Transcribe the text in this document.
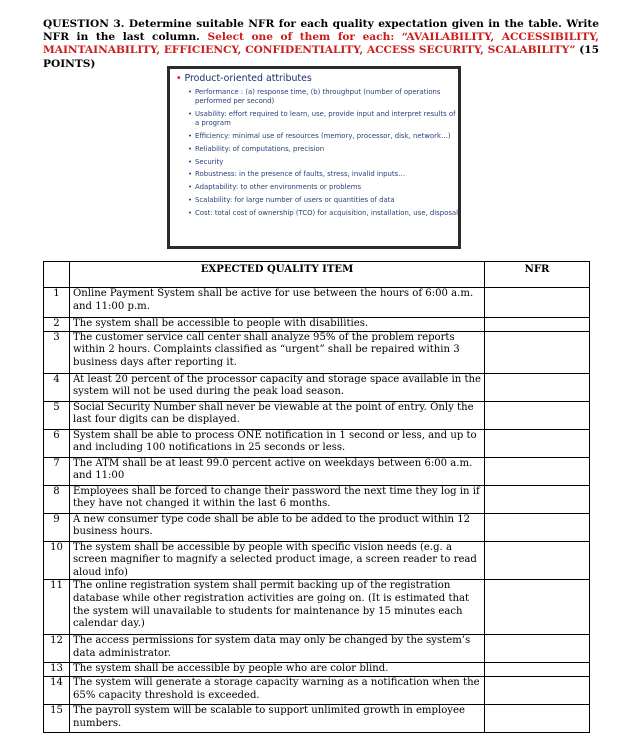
QUESTION 3. Determine suitable NFR for each quality expectation given in the table. Write NFR in the last column. Select one of them for each: “AVAILABILITY, ACCESSIBILITY, MAINTAINABILITY, EFFICIENCY, CONFIDENTIALITY, ACCESS SECURITY, SCALABILITY” (15 POINTS)
• Product-oriented attributes
• Performance : (a) response time, (b) throughput (number of operations performed per second)
• Usability: effort required to learn, use, provide input and interpret results of a program
• Efficiency: minimal use of resources (memory, processor, disk, network…)
• Reliability: of computations, precision
• Security
• Robustness: in the presence of faults, stress, invalid inputs…
• Adaptability: to other environments or problems
• Scalability: for large number of users or quantities of data
• Cost: total cost of ownership (TCO) for acquisition, installation, use, disposal
	EXPECTED QUALITY ITEM	NFR
1	Online Payment System shall be active for use between the hours of 6:00 a.m. and 11:00 p.m.	
2	The system shall be accessible to people with disabilities.	
3	The customer service call center shall analyze 95% of the problem reports within 2 hours. Complaints classified as “urgent” shall be repaired within 3 business days after reporting it.	
4	At least 20 percent of the processor capacity and storage space available in the system will not be used during the peak load season.	
5	Social Security Number shall never be viewable at the point of entry. Only the last four digits can be displayed.	
6	System shall be able to process ONE notification in 1 second or less, and up to and including 100 notifications in 25 seconds or less.	
7	The ATM shall be at least 99.0 percent active on weekdays between 6:00 a.m. and 11:00	
8	Employees shall be forced to change their password the next time they log in if they have not changed it within the last 6 months.	
9	A new consumer type code shall be able to be added to the product within 12 business hours.	
10	The system shall be accessible by people with specific vision needs (e.g. a screen magnifier to magnify a selected product image, a screen reader to read aloud info)	
11	The online registration system shall permit backing up of the registration database while other registration activities are going on. (It is estimated that the system will unavailable to students for maintenance by 15 minutes each calendar day.)	
12	The access permissions for system data may only be changed by the system’s data administrator.	
13	The system shall be accessible by people who are color blind.	
14	The system will generate a storage capacity warning as a notification when the 65% capacity threshold is exceeded.	
15	The payroll system will be scalable to support unlimited growth in employee numbers.	
